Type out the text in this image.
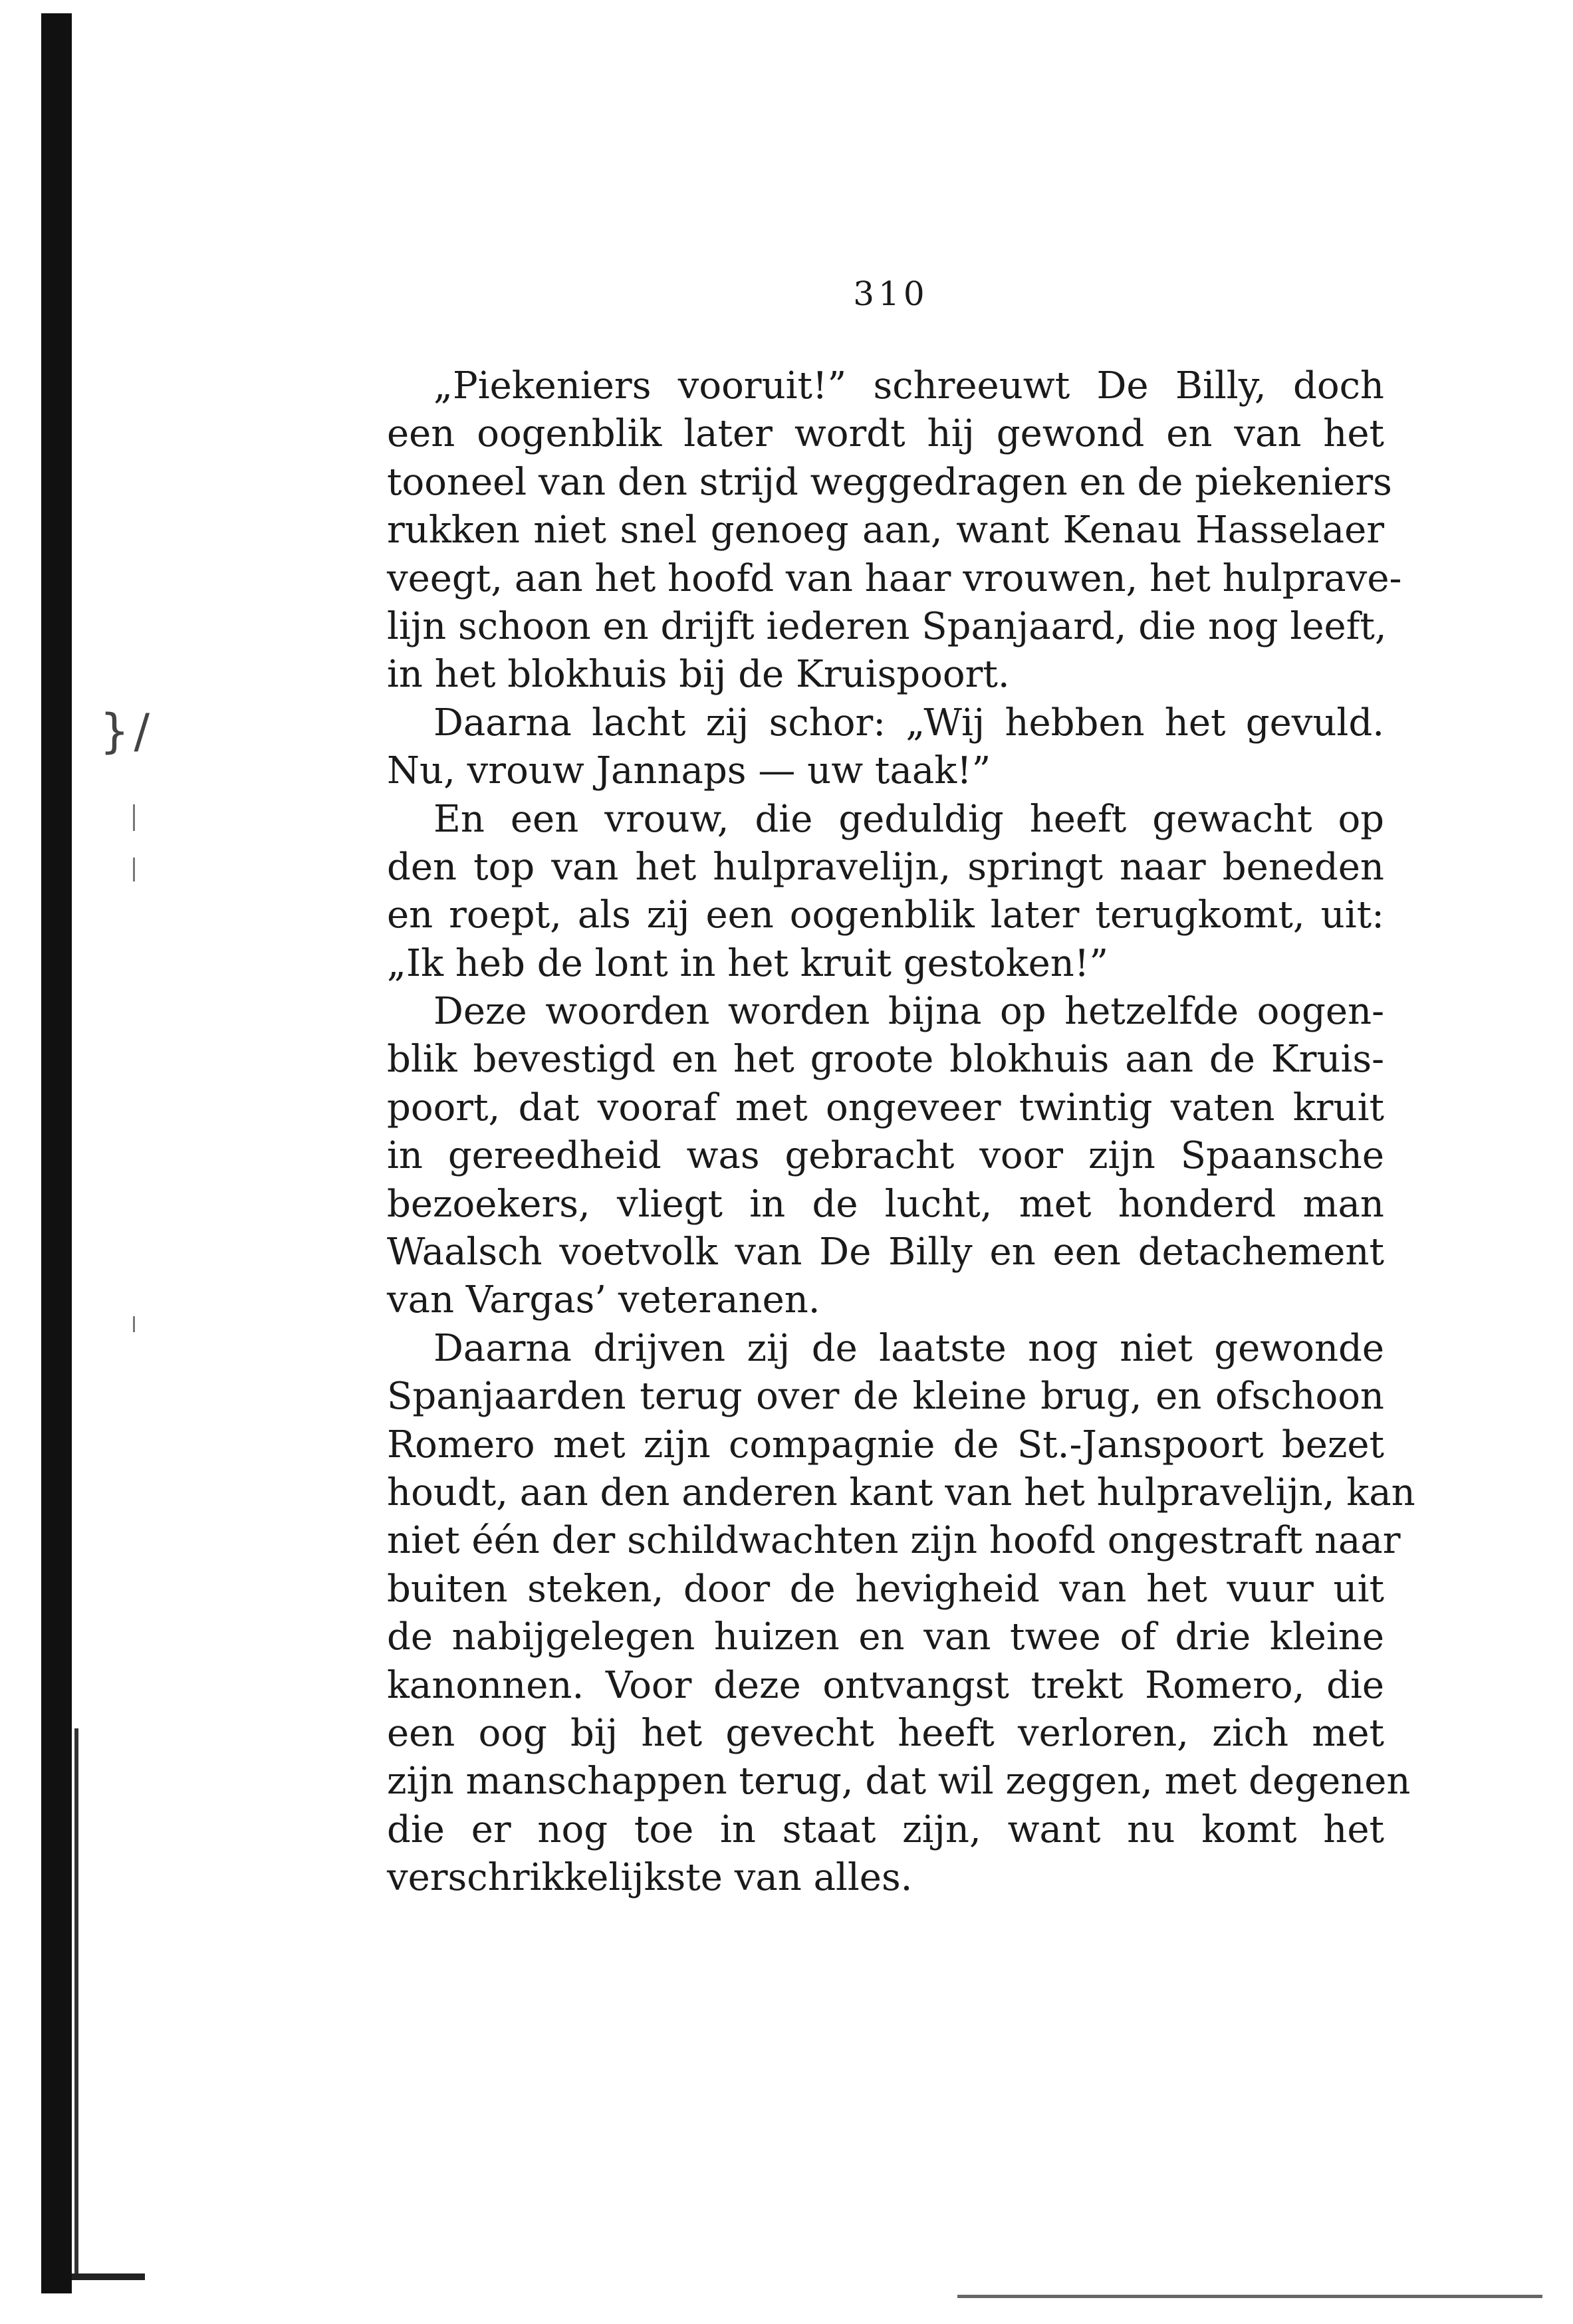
} /
310
„Piekeniers vooruit!” schreeuwt De Billy, doch
een oogenblik later wordt hij gewond en van het
tooneel van den strijd weggedragen en de piekeniers
rukken niet snel genoeg aan, want Kenau Hasselaer
veegt, aan het hoofd van haar vrouwen, het hulprave-
lijn schoon en drijft iederen Spanjaard, die nog leeft,
in het blokhuis bij de Kruispoort.
Daarna lacht zij schor: „Wij hebben het gevuld.
Nu, vrouw Jannaps — uw taak!”
En een vrouw, die geduldig heeft gewacht op
den top van het hulpravelijn, springt naar beneden
en roept, als zij een oogenblik later terugkomt, uit:
„Ik heb de lont in het kruit gestoken!”
Deze woorden worden bijna op hetzelfde oogen-
blik bevestigd en het groote blokhuis aan de Kruis-
poort, dat vooraf met ongeveer twintig vaten kruit
in gereedheid was gebracht voor zijn Spaansche
bezoekers, vliegt in de lucht, met honderd man
Waalsch voetvolk van De Billy en een detachement
van Vargas’ veteranen.
Daarna drijven zij de laatste nog niet gewonde
Spanjaarden terug over de kleine brug, en ofschoon
Romero met zijn compagnie de St.-Janspoort bezet
houdt, aan den anderen kant van het hulpravelijn, kan
niet één der schildwachten zijn hoofd ongestraft naar
buiten steken, door de hevigheid van het vuur uit
de nabijgelegen huizen en van twee of drie kleine
kanonnen. Voor deze ontvangst trekt Romero, die
een oog bij het gevecht heeft verloren, zich met
zijn manschappen terug, dat wil zeggen, met degenen
die er nog toe in staat zijn, want nu komt het
verschrikkelijkste van alles.
